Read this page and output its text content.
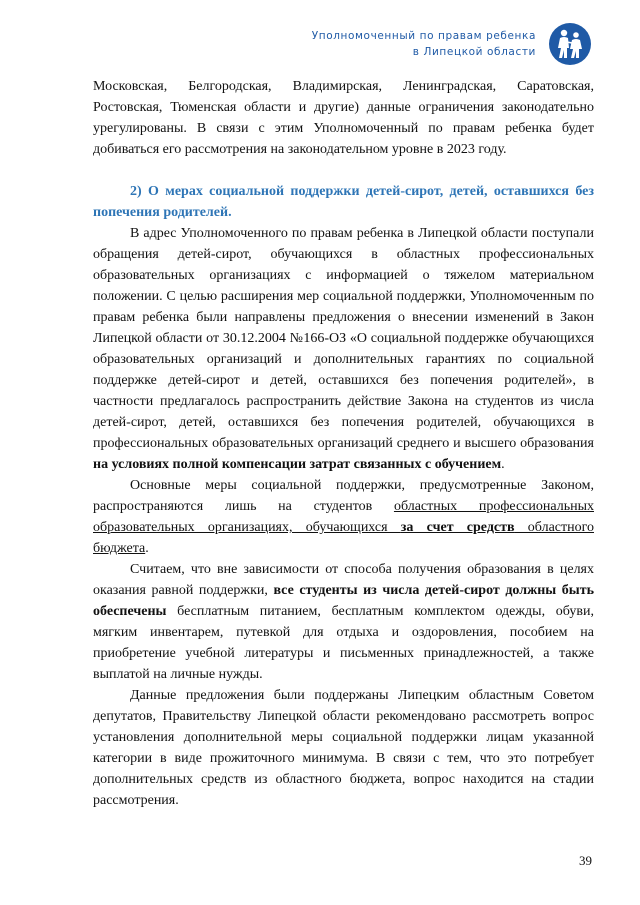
Уполномоченный по правам ребенка
в Липецкой области

Московская, Белгородская, Владимирская, Ленинградская, Саратовская, Ростовская, Тюменская области и другие) данные ограничения законодательно урегулированы. В связи с этим Уполномоченный по правам ребенка будет добиваться его рассмотрения на законодательном уровне в 2023 году.

2) О мерах социальной поддержки детей-сирот, детей, оставшихся без попечения родителей.

В адрес Уполномоченного по правам ребенка в Липецкой области поступали обращения детей-сирот, обучающихся в областных профессиональных образовательных организациях с информацией о тяжелом материальном положении. С целью расширения мер социальной поддержки, Уполномоченным по правам ребенка были направлены предложения о внесении изменений в Закон Липецкой области от 30.12.2004 №166-ОЗ «О социальной поддержке обучающихся образовательных организаций и дополнительных гарантиях по социальной поддержке детей-сирот и детей, оставшихся без попечения родителей», в частности предлагалось распространить действие Закона на студентов из числа детей-сирот, детей, оставшихся без попечения родителей, обучающихся в профессиональных образовательных организаций среднего и высшего образования на условиях полной компенсации затрат связанных с обучением.

Основные меры социальной поддержки, предусмотренные Законом, распространяются лишь на студентов областных профессиональных образовательных организациях, обучающихся за счет средств областного бюджета.

Считаем, что вне зависимости от способа получения образования в целях оказания равной поддержки, все студенты из числа детей-сирот должны быть обеспечены бесплатным питанием, бесплатным комплектом одежды, обуви, мягким инвентарем, путевкой для отдыха и оздоровления, пособием на приобретение учебной литературы и письменных принадлежностей, а также выплатой на личные нужды.

Данные предложения были поддержаны Липецким областным Советом депутатов, Правительству Липецкой области рекомендовано рассмотреть вопрос установления дополнительной меры социальной поддержки лицам указанной категории в виде прожиточного минимума. В связи с тем, что это потребует дополнительных средств из областного бюджета, вопрос находится на стадии рассмотрения.

39
